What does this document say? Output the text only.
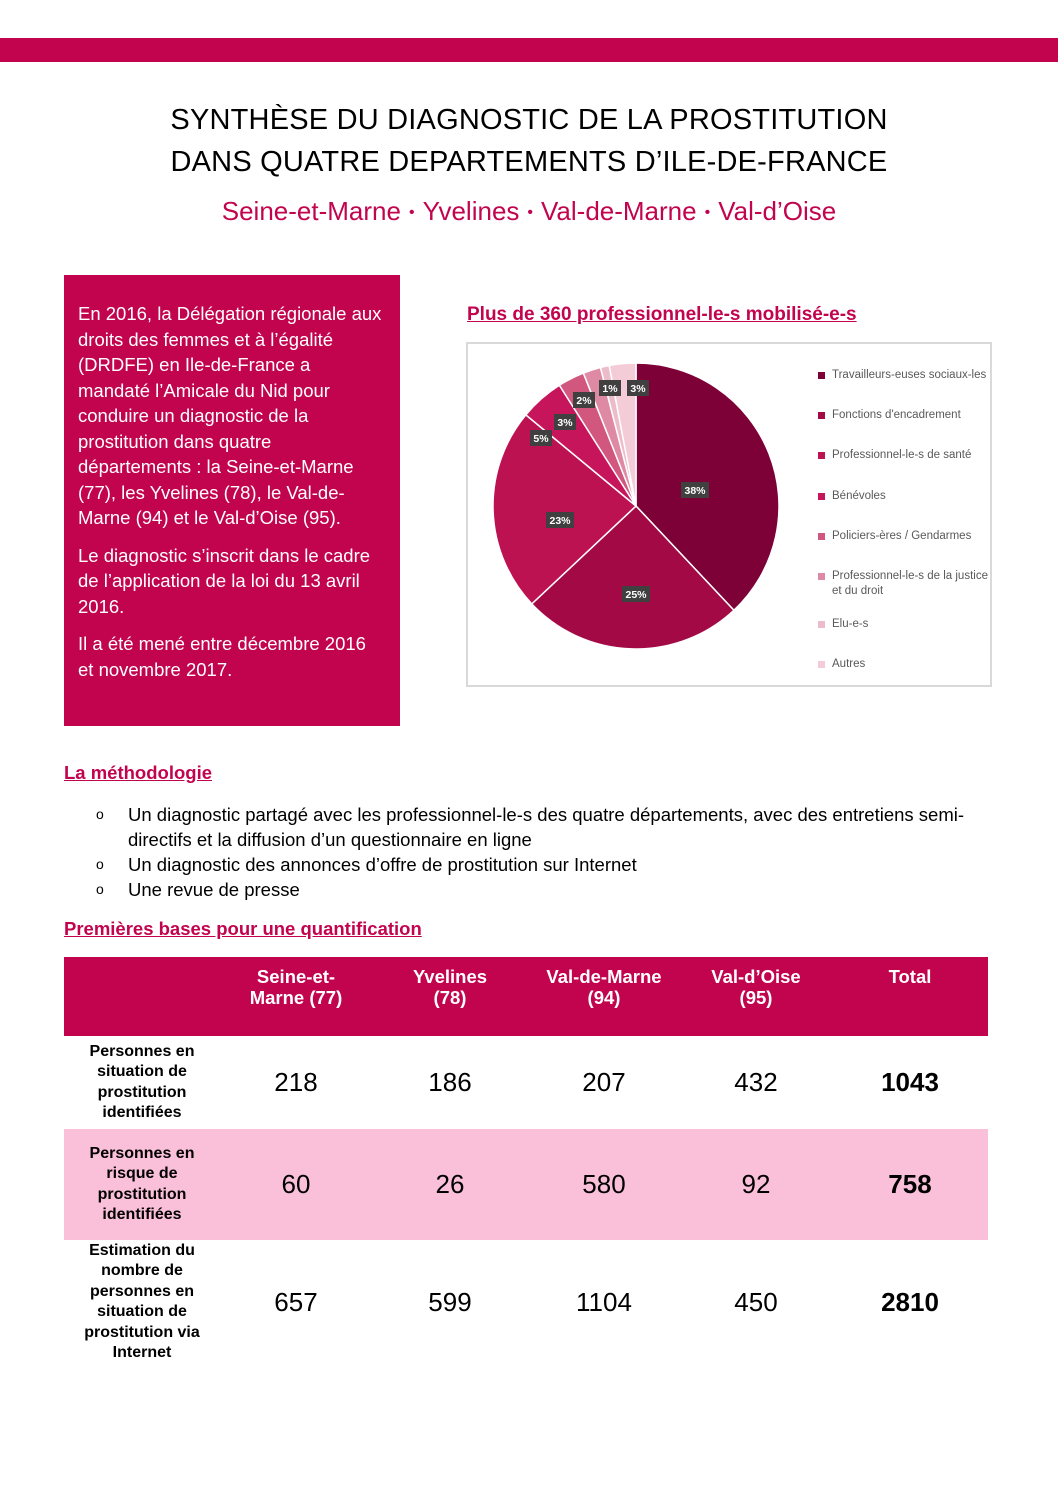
SYNTHÈSE DU DIAGNOSTIC DE LA PROSTITUTION
DANS QUATRE DEPARTEMENTS D’ILE-DE-FRANCE
Seine-et-Marne • Yvelines • Val-de-Marne • Val-d’Oise

En 2016, la Délégation régionale aux droits des femmes et à l’égalité (DRDFE) en Ile-de-France a mandaté l’Amicale du Nid pour conduire un diagnostic de la prostitution dans quatre départements : la Seine-et-Marne (77), les Yvelines (78), le Val-de-Marne (94) et le Val-d’Oise (95).

Le diagnostic s’inscrit dans le cadre de l’application de la loi du 13 avril 2016.

Il a été mené entre décembre 2016 et novembre 2017.

Plus de 360 professionnel-le-s mobilisé-e-s
38%
25%
23%
5%
3%
2%
1% 3%
Travailleurs-euses sociaux-les
Fonctions d'encadrement
Professionnel-le-s de santé
Bénévoles
Policiers-ères / Gendarmes
Professionnel-le-s de la justice et du droit
Elu-e-s
Autres
La méthodologie
o Un diagnostic partagé avec les professionnel-le-s des quatre départements, avec des entretiens semi-directifs et la diffusion d’un questionnaire en ligne
o Un diagnostic des annonces d’offre de prostitution sur Internet
o Une revue de presse
Premières bases pour une quantification
	Seine-et-Marne (77)	Yvelines (78)	Val-de-Marne (94)	Val-d’Oise (95)	Total
Personnes en situation de prostitution identifiées	218	186	207	432	1043
Personnes en risque de prostitution identifiées	60	26	580	92	758
Estimation du nombre de personnes en situation de prostitution via Internet	657	599	1104	450	2810
